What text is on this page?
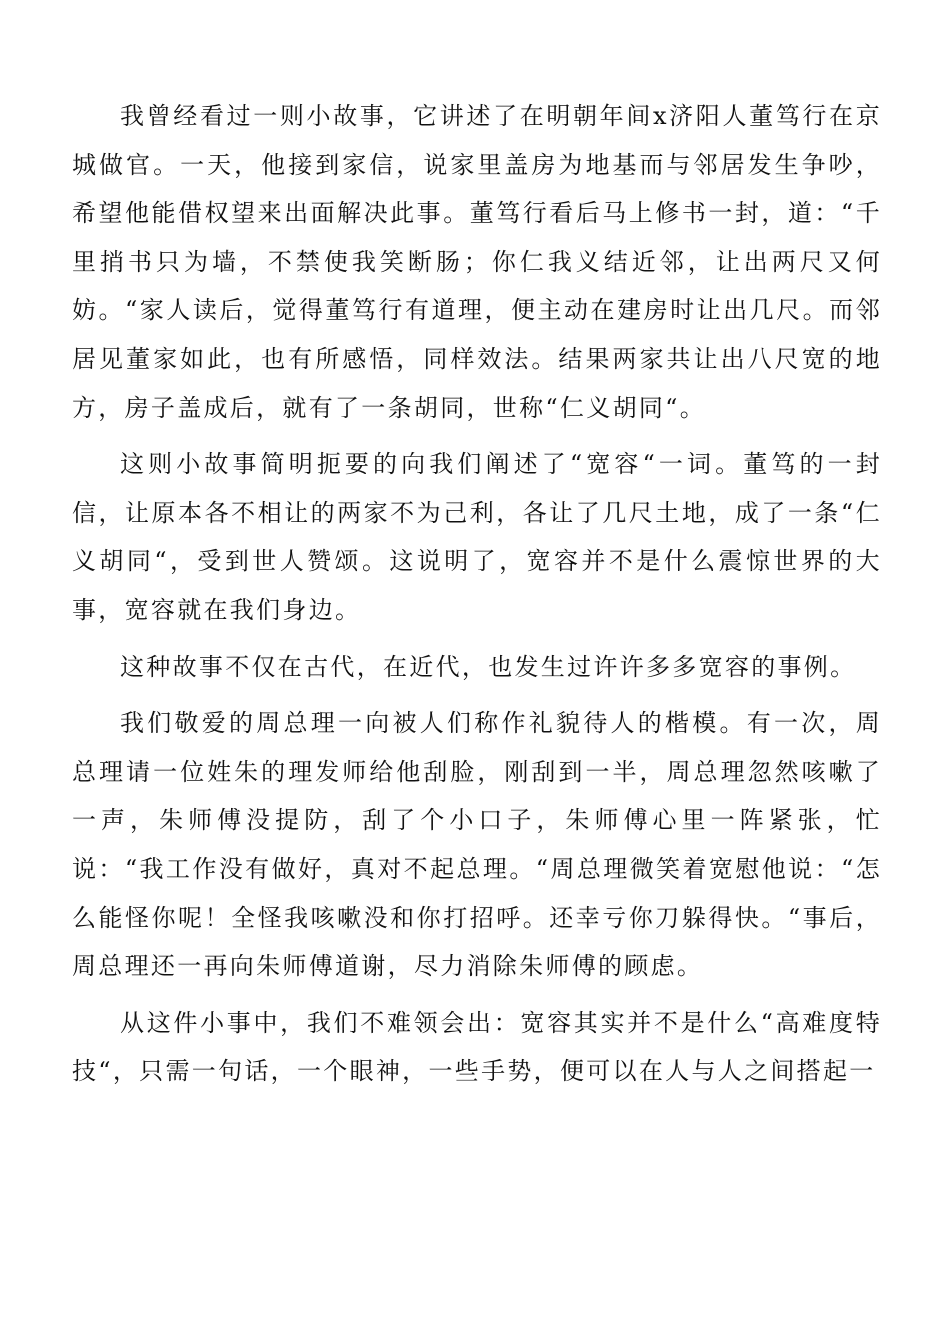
我曾经看过一则小故事，它讲述了在明朝年间x济阳人董笃行在京城做官。一天，他接到家信，说家里盖房为地基而与邻居发生争吵，希望他能借权望来出面解决此事。董笃行看后马上修书一封，道：“千里捎书只为墙，不禁使我笑断肠；你仁我义结近邻，让出两尺又何妨。“家人读后，觉得董笃行有道理，便主动在建房时让出几尺。而邻居见董家如此，也有所感悟，同样效法。结果两家共让出八尺宽的地方，房子盖成后，就有了一条胡同，世称“仁义胡同“。

这则小故事简明扼要的向我们阐述了“宽容“一词。董笃的一封信，让原本各不相让的两家不为己利，各让了几尺土地，成了一条“仁义胡同“，受到世人赞颂。这说明了，宽容并不是什么震惊世界的大事，宽容就在我们身边。

这种故事不仅在古代，在近代，也发生过许许多多宽容的事例。

我们敬爱的周总理一向被人们称作礼貌待人的楷模。有一次，周总理请一位姓朱的理发师给他刮脸，刚刮到一半，周总理忽然咳嗽了一声，朱师傅没提防，刮了个小口子，朱师傅心里一阵紧张，忙说：“我工作没有做好，真对不起总理。“周总理微笑着宽慰他说：“怎么能怪你呢！全怪我咳嗽没和你打招呼。还幸亏你刀躲得快。“事后，周总理还一再向朱师傅道谢，尽力消除朱师傅的顾虑。

从这件小事中，我们不难领会出：宽容其实并不是什么“高难度特技“，只需一句话，一个眼神，一些手势，便可以在人与人之间搭起一
